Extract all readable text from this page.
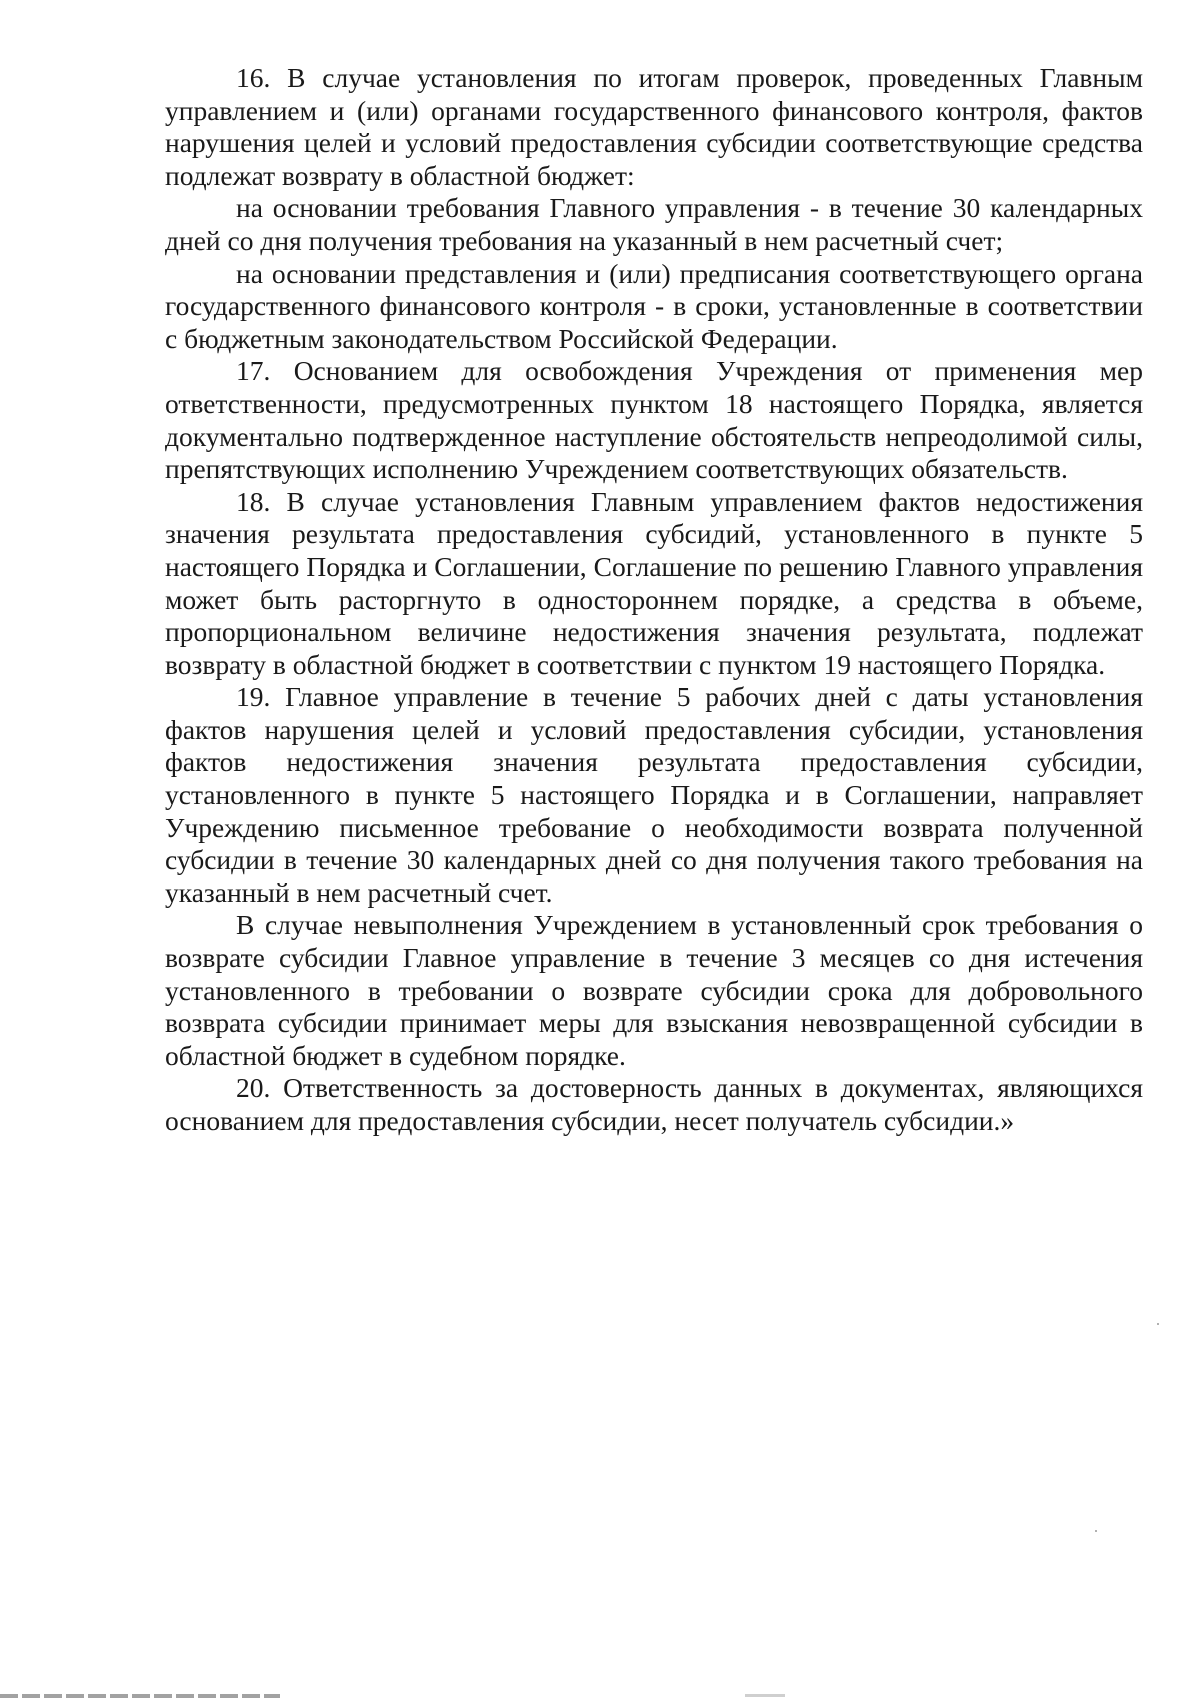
16. В случае установления по итогам проверок, проведенных Главным управлением и (или) органами государственного финансового контроля, фактов нарушения целей и условий предоставления субсидии соответствующие средства подлежат возврату в областной бюджет:

на основании требования Главного управления - в течение 30 календарных дней со дня получения требования на указанный в нем расчетный счет;

на основании представления и (или) предписания соответствующего органа государственного финансового контроля - в сроки, установленные в соответствии с бюджетным законодательством Российской Федерации.

17. Основанием для освобождения Учреждения от применения мер ответственности, предусмотренных пунктом 18 настоящего Порядка, является документально подтвержденное наступление обстоятельств непреодолимой силы, препятствующих исполнению Учреждением соответствующих обязательств.

18. В случае установления Главным управлением фактов недостижения значения результата предоставления субсидий, установленного в пункте 5 настоящего Порядка и Соглашении, Соглашение по решению Главного управления может быть расторгнуто в одностороннем порядке, а средства в объеме, пропорциональном величине недостижения значения результата, подлежат возврату в областной бюджет в соответствии с пунктом 19 настоящего Порядка.

19. Главное управление в течение 5 рабочих дней с даты установления фактов нарушения целей и условий предоставления субсидии, установления фактов недостижения значения результата предоставления субсидии, установленного в пункте 5 настоящего Порядка и в Соглашении, направляет Учреждению письменное требование о необходимости возврата полученной субсидии в течение 30 календарных дней со дня получения такого требования на указанный в нем расчетный счет.

В случае невыполнения Учреждением в установленный срок требования о возврате субсидии Главное управление в течение 3 месяцев со дня истечения установленного в требовании о возврате субсидии срока для добровольного возврата субсидии принимает меры для взыскания невозвращенной субсидии в областной бюджет в судебном порядке.

20. Ответственность за достоверность данных в документах, являющихся основанием для предоставления субсидии, несет получатель субсидии.»
